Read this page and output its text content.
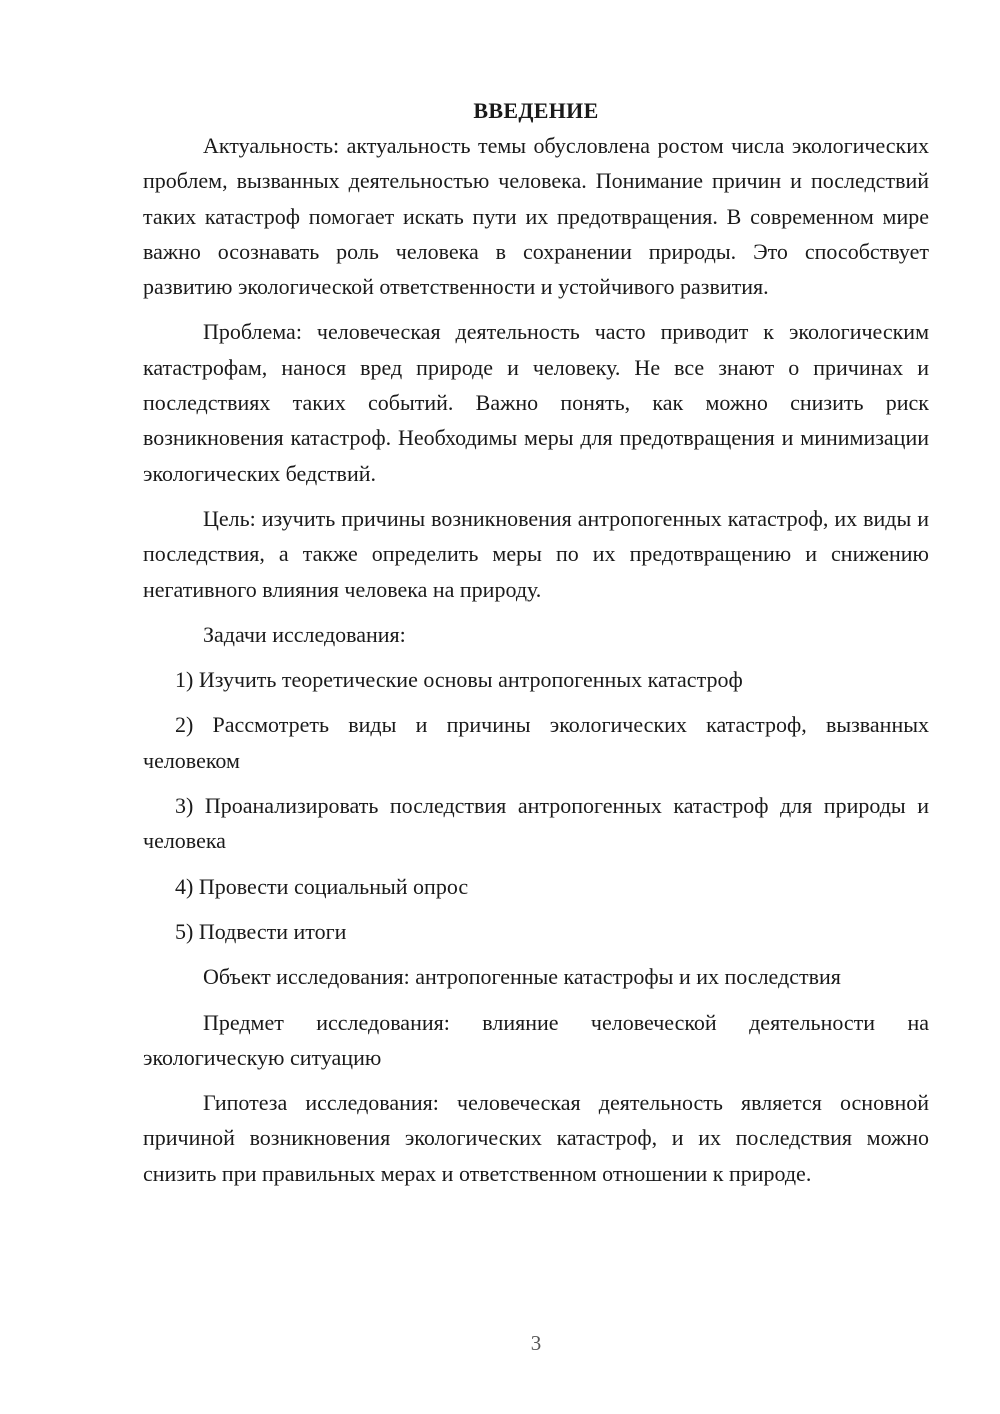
ВВЕДЕНИЕ

Актуальность: актуальность темы обусловлена ростом числа экологических проблем, вызванных деятельностью человека. Понимание причин и последствий таких катастроф помогает искать пути их предотвращения. В современном мире важно осознавать роль человека в сохранении природы. Это способствует развитию экологической ответственности и устойчивого развития.

Проблема: человеческая деятельность часто приводит к экологическим катастрофам, нанося вред природе и человеку. Не все знают о причинах и последствиях таких событий. Важно понять, как можно снизить риск возникновения катастроф. Необходимы меры для предотвращения и минимизации экологических бедствий.

Цель: изучить причины возникновения антропогенных катастроф, их виды и последствия, а также определить меры по их предотвращению и снижению негативного влияния человека на природу.

Задачи исследования:

1) Изучить теоретические основы антропогенных катастроф

2) Рассмотреть виды и причины экологических катастроф, вызванных человеком

3) Проанализировать последствия антропогенных катастроф для природы и человека

4) Провести социальный опрос

5) Подвести итоги

Объект исследования: антропогенные катастрофы и их последствия

Предмет исследования: влияние человеческой деятельности на экологическую ситуацию

Гипотеза исследования: человеческая деятельность является основной причиной возникновения экологических катастроф, и их последствия можно снизить при правильных мерах и ответственном отношении к природе.

3
